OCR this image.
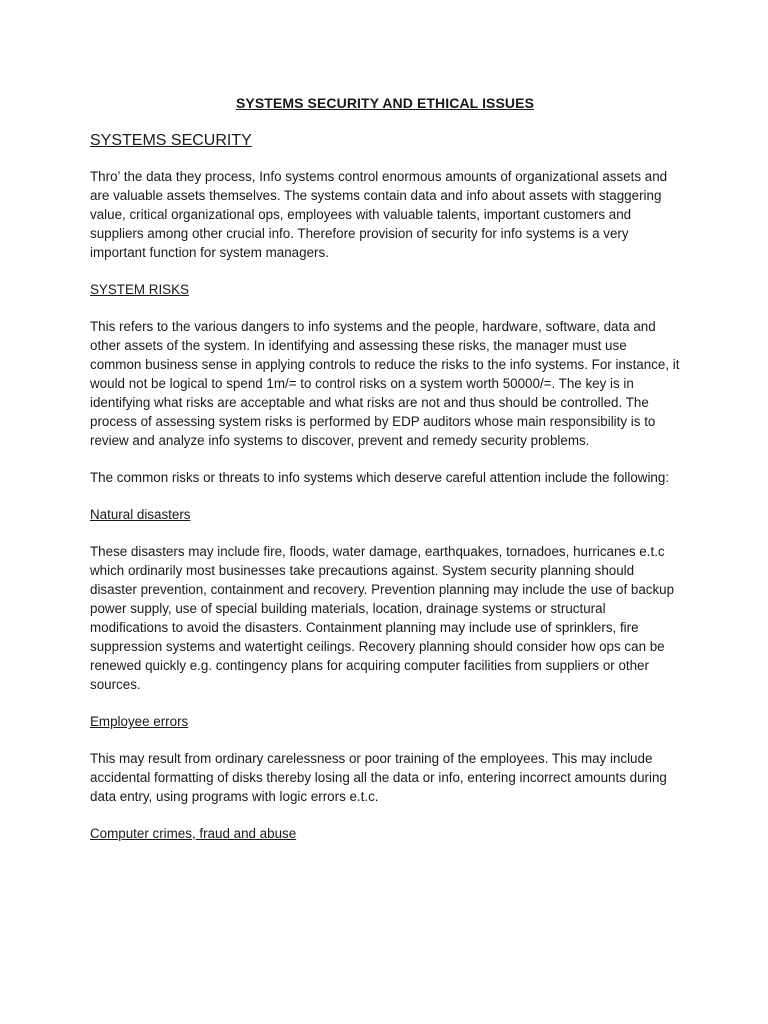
SYSTEMS SECURITY AND ETHICAL ISSUES
SYSTEMS SECURITY

Thro’ the data they process, Info systems control enormous amounts of organizational assets and are valuable assets themselves. The systems contain data and info about assets with staggering value, critical organizational ops, employees with valuable talents, important customers and suppliers among other crucial info. Therefore provision of security for info systems is a very important function for system managers.

SYSTEM RISKS

This refers to the various dangers to info systems and the people, hardware, software, data and other assets of the system. In identifying and assessing these risks, the manager must use common business sense in applying controls to reduce the risks to the info systems. For instance, it would not be logical to spend 1m/= to control risks on a system worth 50000/=. The key is in identifying what risks are acceptable and what risks are not and thus should be controlled. The process of assessing system risks is performed by EDP auditors whose main responsibility is to review and analyze info systems to discover, prevent and remedy security problems.

The common risks or threats to info systems which deserve careful attention include the following:

Natural disasters

These disasters may include fire, floods, water damage, earthquakes, tornadoes, hurricanes e.t.c which ordinarily most businesses take precautions against. System security planning should disaster prevention, containment and recovery. Prevention planning may include the use of backup power supply, use of special building materials, location, drainage systems or structural modifications to avoid the disasters. Containment planning may include use of sprinklers, fire suppression systems and watertight ceilings. Recovery planning should consider how ops can be renewed quickly e.g. contingency plans for acquiring computer facilities from suppliers or other sources.

Employee errors

This may result from ordinary carelessness or poor training of the employees. This may include accidental formatting of disks thereby losing all the data or info, entering incorrect amounts during data entry, using programs with logic errors e.t.c.

Computer crimes, fraud and abuse
